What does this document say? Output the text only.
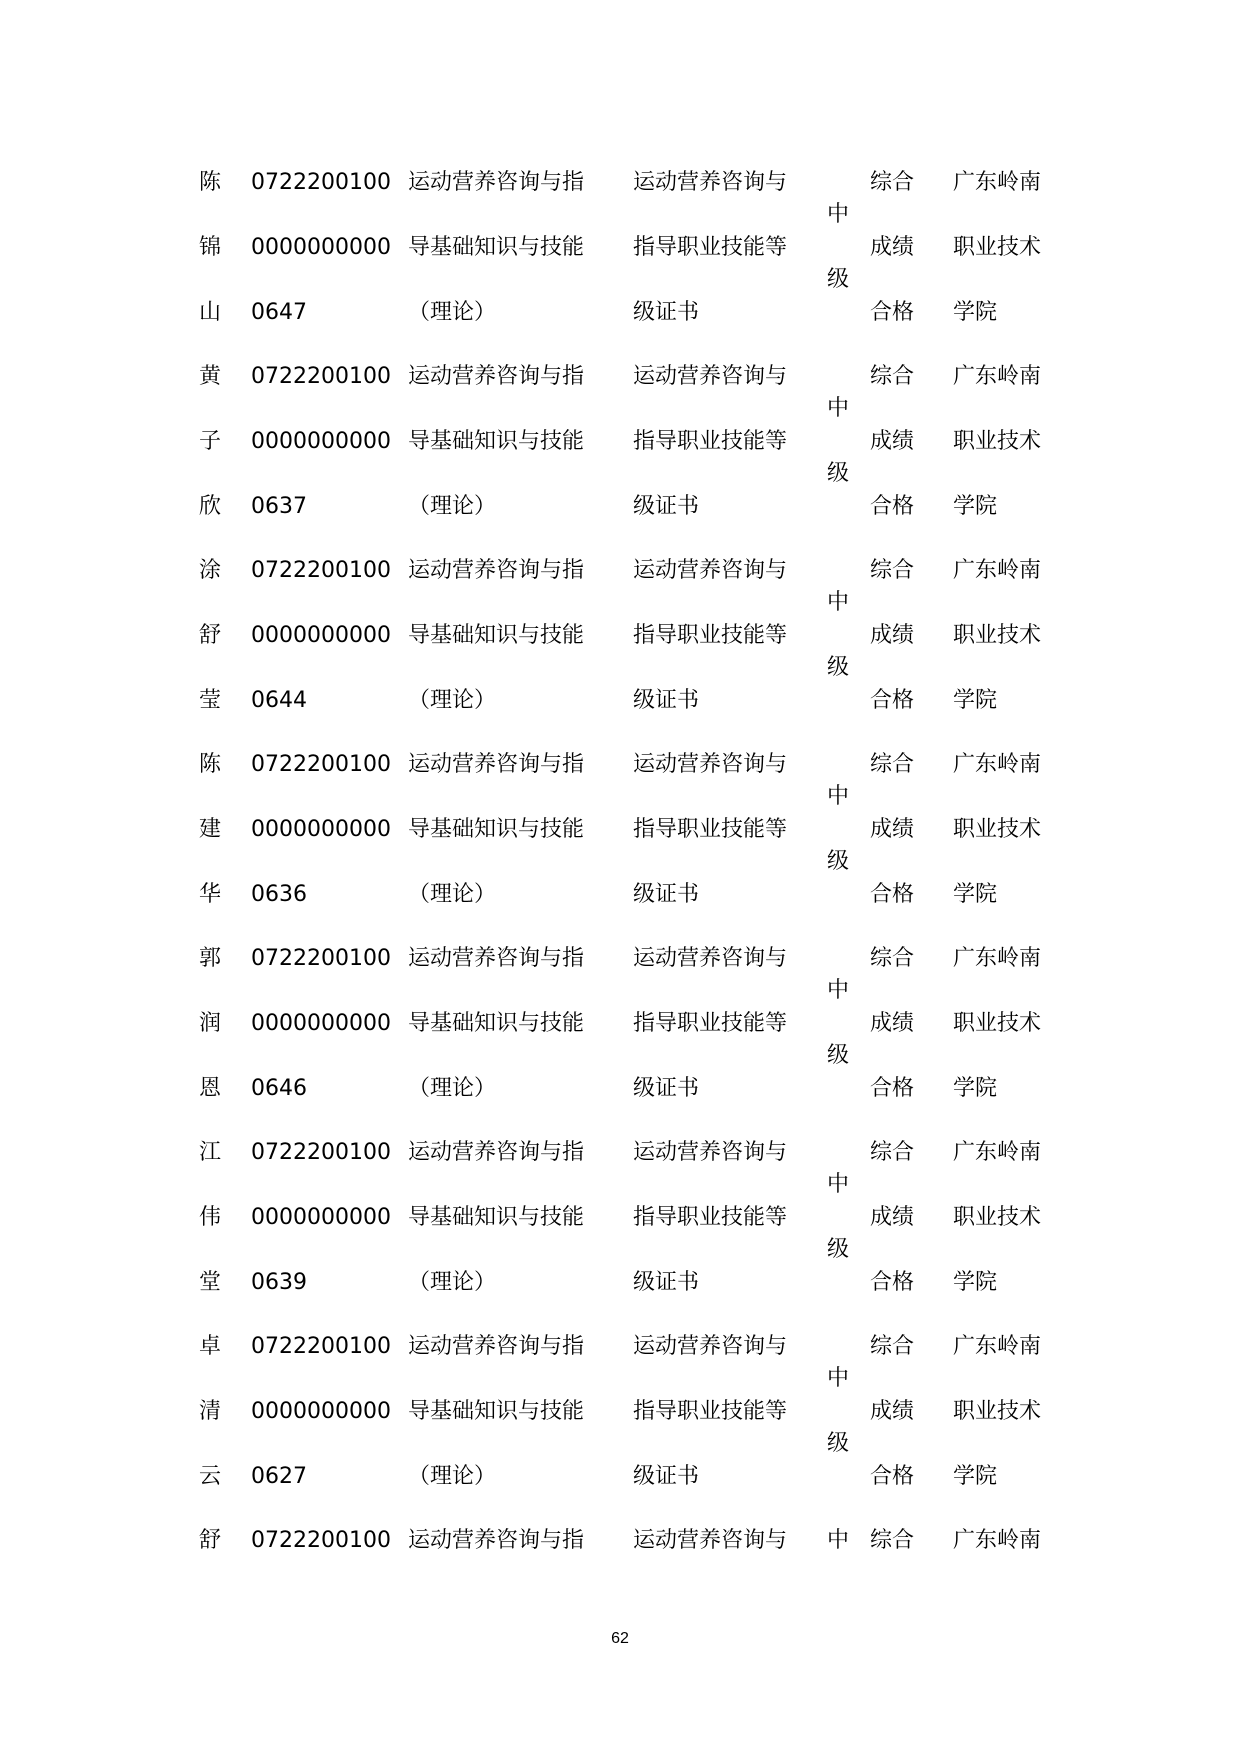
陈
锦
山
0722200100
0000000000
0647
运动营养咨询与指
导基础知识与技能
（理论）
运动营养咨询与
指导职业技能等
级证书
中
级
综合
成绩
合格
广东岭南
职业技术
学院
黄
子
欣
0722200100
0000000000
0637
运动营养咨询与指
导基础知识与技能
（理论）
运动营养咨询与
指导职业技能等
级证书
中
级
综合
成绩
合格
广东岭南
职业技术
学院
涂
舒
莹
0722200100
0000000000
0644
运动营养咨询与指
导基础知识与技能
（理论）
运动营养咨询与
指导职业技能等
级证书
中
级
综合
成绩
合格
广东岭南
职业技术
学院
陈
建
华
0722200100
0000000000
0636
运动营养咨询与指
导基础知识与技能
（理论）
运动营养咨询与
指导职业技能等
级证书
中
级
综合
成绩
合格
广东岭南
职业技术
学院
郭
润
恩
0722200100
0000000000
0646
运动营养咨询与指
导基础知识与技能
（理论）
运动营养咨询与
指导职业技能等
级证书
中
级
综合
成绩
合格
广东岭南
职业技术
学院
江
伟
堂
0722200100
0000000000
0639
运动营养咨询与指
导基础知识与技能
（理论）
运动营养咨询与
指导职业技能等
级证书
中
级
综合
成绩
合格
广东岭南
职业技术
学院
卓
清
云
0722200100
0000000000
0627
运动营养咨询与指
导基础知识与技能
（理论）
运动营养咨询与
指导职业技能等
级证书
中
级
综合
成绩
合格
广东岭南
职业技术
学院
舒 0722200100 运动营养咨询与指 运动营养咨询与 中 综合 广东岭南
62
